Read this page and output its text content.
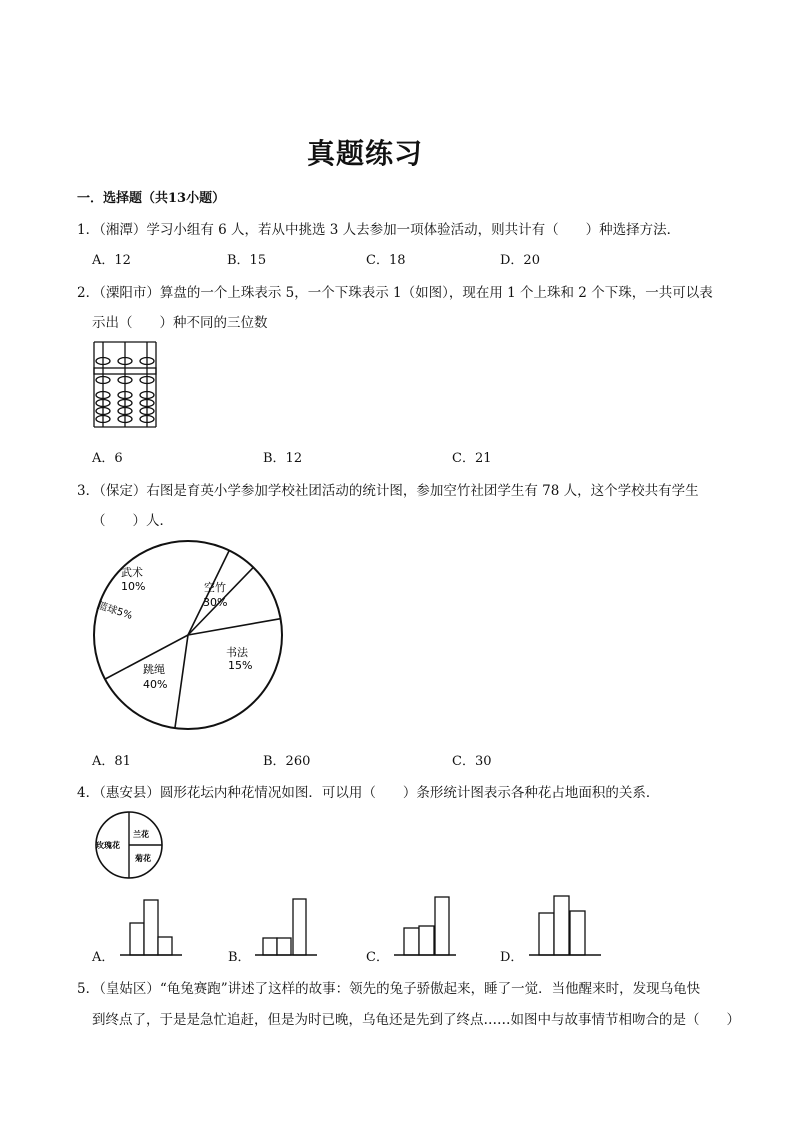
真题练习
一．选择题（共13小题）
1．（湘潭）学习小组有 6 人，若从中挑选 3 人去参加一项体验活动，则共计有（　　）种选择方法．
A．12	B．15	C．18	D．20
2．（溧阳市）算盘的一个上珠表示 5，一个下珠表示 1（如图），现在用 1 个上珠和 2 个下珠，一共可以表
示出（　　）种不同的三位数
A．6	B．12	C．21
3．（保定）右图是育英小学参加学校社团活动的统计图，参加空竹社团学生有 78 人，这个学校共有学生
（　　）人．
武术
10%	空竹
30%
篮球5%
书法
15%
跳绳
40%
A．81	B．260	C．30
4．（惠安县）圆形花坛内种花情况如图．可以用（　　）条形统计图表示各种花占地面积的关系．
兰花
玫瑰花
菊花
A．	B．	C．	D．
5．（皇姑区）“龟兔赛跑”讲述了这样的故事：领先的兔子骄傲起来，睡了一觉．当他醒来时，发现乌龟快
到终点了，于是是急忙追赶，但是为时已晚，乌龟还是先到了终点……如图中与故事情节相吻合的是（　　）
